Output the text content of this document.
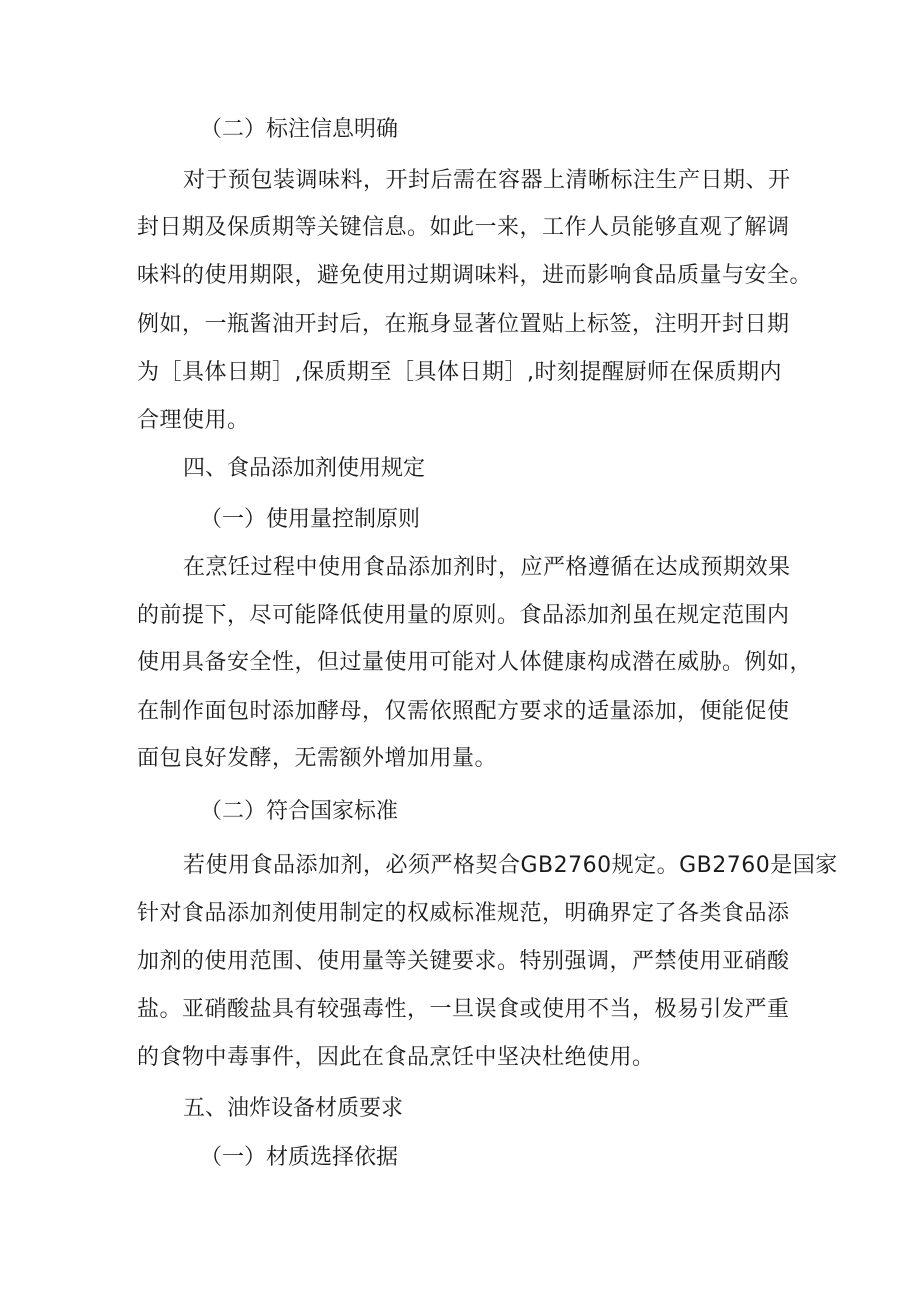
（二）标注信息明确
对于预包装调味料，开封后需在容器上清晰标注生产日期、开
封日期及保质期等关键信息。如此一来，工作人员能够直观了解调
味料的使用期限，避免使用过期调味料，进而影响食品质量与安全。
例如，一瓶酱油开封后，在瓶身显著位置贴上标签，注明开封日期
为［具体日期］,保质期至［具体日期］,时刻提醒厨师在保质期内
合理使用。
四、食品添加剂使用规定
（一）使用量控制原则
在烹饪过程中使用食品添加剂时，应严格遵循在达成预期效果
的前提下，尽可能降低使用量的原则。食品添加剂虽在规定范围内
使用具备安全性，但过量使用可能对人体健康构成潜在威胁。例如，
在制作面包时添加酵母，仅需依照配方要求的适量添加，便能促使
面包良好发酵，无需额外增加用量。
（二）符合国家标准
若使用食品添加剂，必须严格契合GB2760规定。GB2760是国家
针对食品添加剂使用制定的权威标准规范，明确界定了各类食品添
加剂的使用范围、使用量等关键要求。特别强调，严禁使用亚硝酸
盐。亚硝酸盐具有较强毒性，一旦误食或使用不当，极易引发严重
的食物中毒事件，因此在食品烹饪中坚决杜绝使用。
五、油炸设备材质要求
（一）材质选择依据
